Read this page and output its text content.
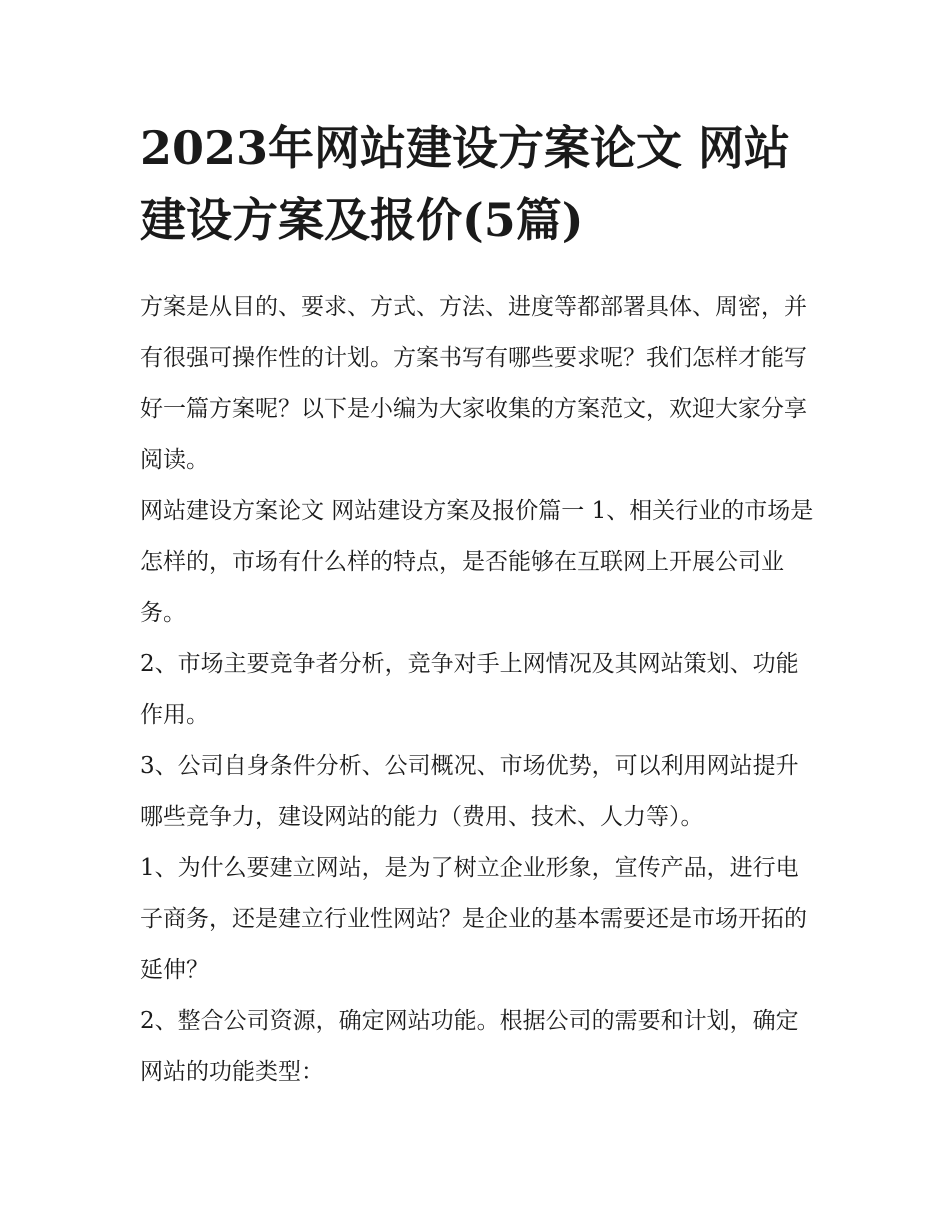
2023年网站建设方案论文 网站建设方案及报价(5篇)

方案是从目的、要求、方式、方法、进度等都部署具体、周密，并有很强可操作性的计划。方案书写有哪些要求呢？我们怎样才能写好一篇方案呢？以下是小编为大家收集的方案范文，欢迎大家分享阅读。

网站建设方案论文 网站建设方案及报价篇一 1、相关行业的市场是怎样的，市场有什么样的特点，是否能够在互联网上开展公司业务。

2、市场主要竞争者分析，竞争对手上网情况及其网站策划、功能作用。

3、公司自身条件分析、公司概况、市场优势，可以利用网站提升哪些竞争力，建设网站的能力（费用、技术、人力等）。

1、为什么要建立网站，是为了树立企业形象，宣传产品，进行电子商务，还是建立行业性网站？是企业的基本需要还是市场开拓的延伸？

2、整合公司资源，确定网站功能。根据公司的需要和计划，确定网站的功能类型：
